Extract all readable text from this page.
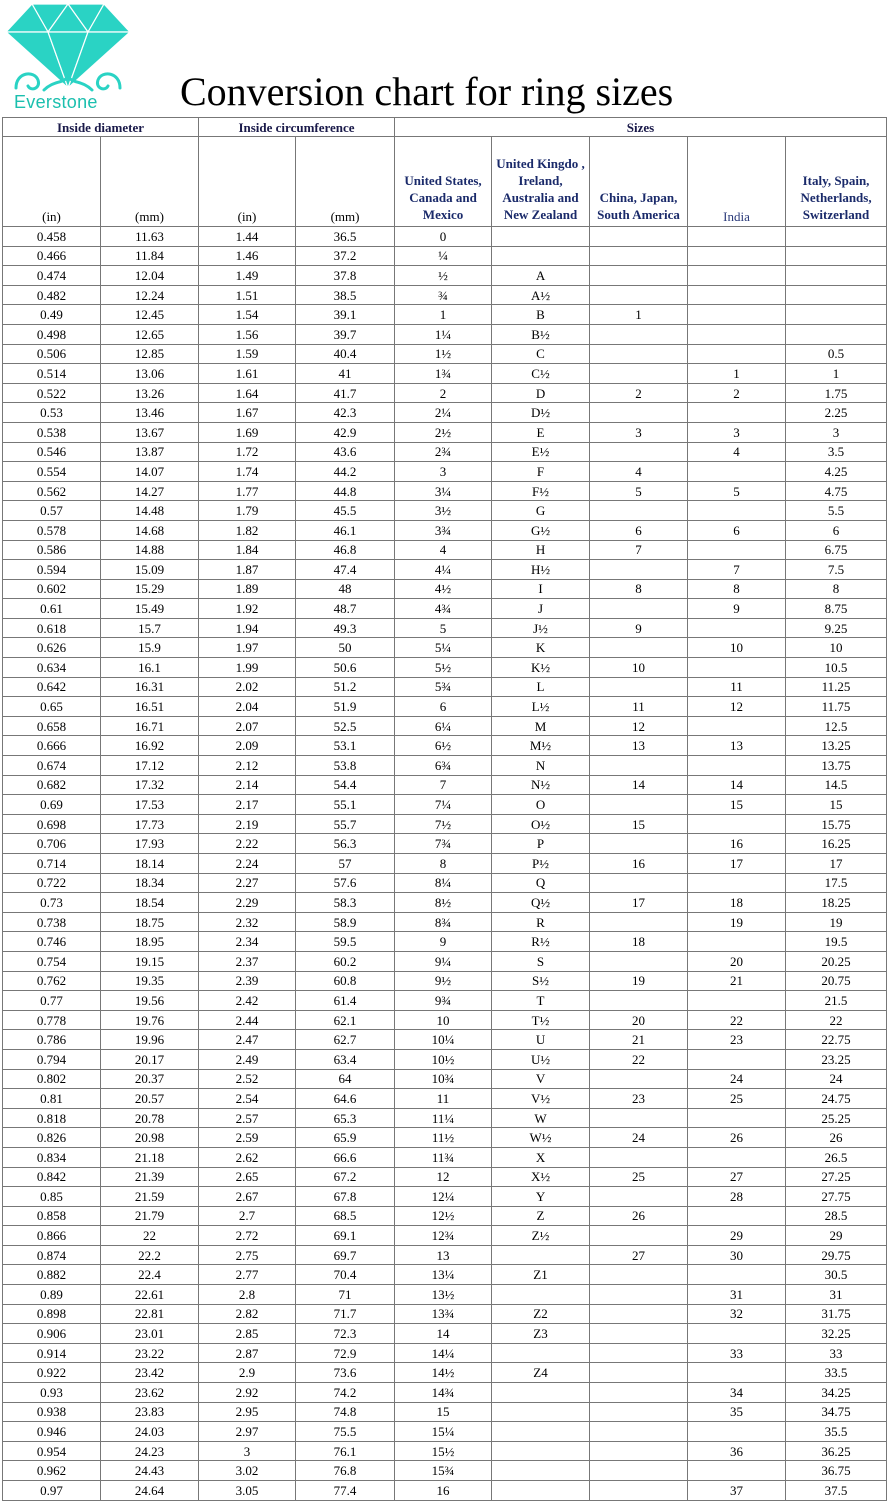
Everstone Conversion chart for ring sizes
Inside diameter		Inside circumference		Sizes				
(in)	(mm)	(in)	(mm)	United States, Canada and Mexico	United Kingdo , Ireland, Australia and New Zealand	China, Japan, South America	India	Italy, Spain, Netherlands, Switzerland
0.458	11.63	1.44	36.5	0				
0.466	11.84	1.46	37.2	¼				
0.474	12.04	1.49	37.8	½	A			
0.482	12.24	1.51	38.5	¾	A½			
0.49	12.45	1.54	39.1	1	B	1		
0.498	12.65	1.56	39.7	1¼	B½			
0.506	12.85	1.59	40.4	1½	C			0.5
0.514	13.06	1.61	41	1¾	C½		1	1
0.522	13.26	1.64	41.7	2	D	2	2	1.75
0.53	13.46	1.67	42.3	2¼	D½			2.25
0.538	13.67	1.69	42.9	2½	E	3	3	3
0.546	13.87	1.72	43.6	2¾	E½		4	3.5
0.554	14.07	1.74	44.2	3	F	4		4.25
0.562	14.27	1.77	44.8	3¼	F½	5	5	4.75
0.57	14.48	1.79	45.5	3½	G			5.5
0.578	14.68	1.82	46.1	3¾	G½	6	6	6
0.586	14.88	1.84	46.8	4	H	7		6.75
0.594	15.09	1.87	47.4	4¼	H½		7	7.5
0.602	15.29	1.89	48	4½	I	8	8	8
0.61	15.49	1.92	48.7	4¾	J		9	8.75
0.618	15.7	1.94	49.3	5	J½	9		9.25
0.626	15.9	1.97	50	5¼	K		10	10
0.634	16.1	1.99	50.6	5½	K½	10		10.5
0.642	16.31	2.02	51.2	5¾	L		11	11.25
0.65	16.51	2.04	51.9	6	L½	11	12	11.75
0.658	16.71	2.07	52.5	6¼	M	12		12.5
0.666	16.92	2.09	53.1	6½	M½	13	13	13.25
0.674	17.12	2.12	53.8	6¾	N			13.75
0.682	17.32	2.14	54.4	7	N½	14	14	14.5
0.69	17.53	2.17	55.1	7¼	O		15	15
0.698	17.73	2.19	55.7	7½	O½	15		15.75
0.706	17.93	2.22	56.3	7¾	P		16	16.25
0.714	18.14	2.24	57	8	P½	16	17	17
0.722	18.34	2.27	57.6	8¼	Q			17.5
0.73	18.54	2.29	58.3	8½	Q½	17	18	18.25
0.738	18.75	2.32	58.9	8¾	R		19	19
0.746	18.95	2.34	59.5	9	R½	18		19.5
0.754	19.15	2.37	60.2	9¼	S		20	20.25
0.762	19.35	2.39	60.8	9½	S½	19	21	20.75
0.77	19.56	2.42	61.4	9¾	T			21.5
0.778	19.76	2.44	62.1	10	T½	20	22	22
0.786	19.96	2.47	62.7	10¼	U	21	23	22.75
0.794	20.17	2.49	63.4	10½	U½	22		23.25
0.802	20.37	2.52	64	10¾	V		24	24
0.81	20.57	2.54	64.6	11	V½	23	25	24.75
0.818	20.78	2.57	65.3	11¼	W			25.25
0.826	20.98	2.59	65.9	11½	W½	24	26	26
0.834	21.18	2.62	66.6	11¾	X			26.5
0.842	21.39	2.65	67.2	12	X½	25	27	27.25
0.85	21.59	2.67	67.8	12¼	Y		28	27.75
0.858	21.79	2.7	68.5	12½	Z	26		28.5
0.866	22	2.72	69.1	12¾	Z½		29	29
0.874	22.2	2.75	69.7	13		27	30	29.75
0.882	22.4	2.77	70.4	13¼	Z1			30.5
0.89	22.61	2.8	71	13½			31	31
0.898	22.81	2.82	71.7	13¾	Z2		32	31.75
0.906	23.01	2.85	72.3	14	Z3			32.25
0.914	23.22	2.87	72.9	14¼			33	33
0.922	23.42	2.9	73.6	14½	Z4			33.5
0.93	23.62	2.92	74.2	14¾			34	34.25
0.938	23.83	2.95	74.8	15			35	34.75
0.946	24.03	2.97	75.5	15¼				35.5
0.954	24.23	3	76.1	15½			36	36.25
0.962	24.43	3.02	76.8	15¾				36.75
0.97	24.64	3.05	77.4	16			37	37.5
